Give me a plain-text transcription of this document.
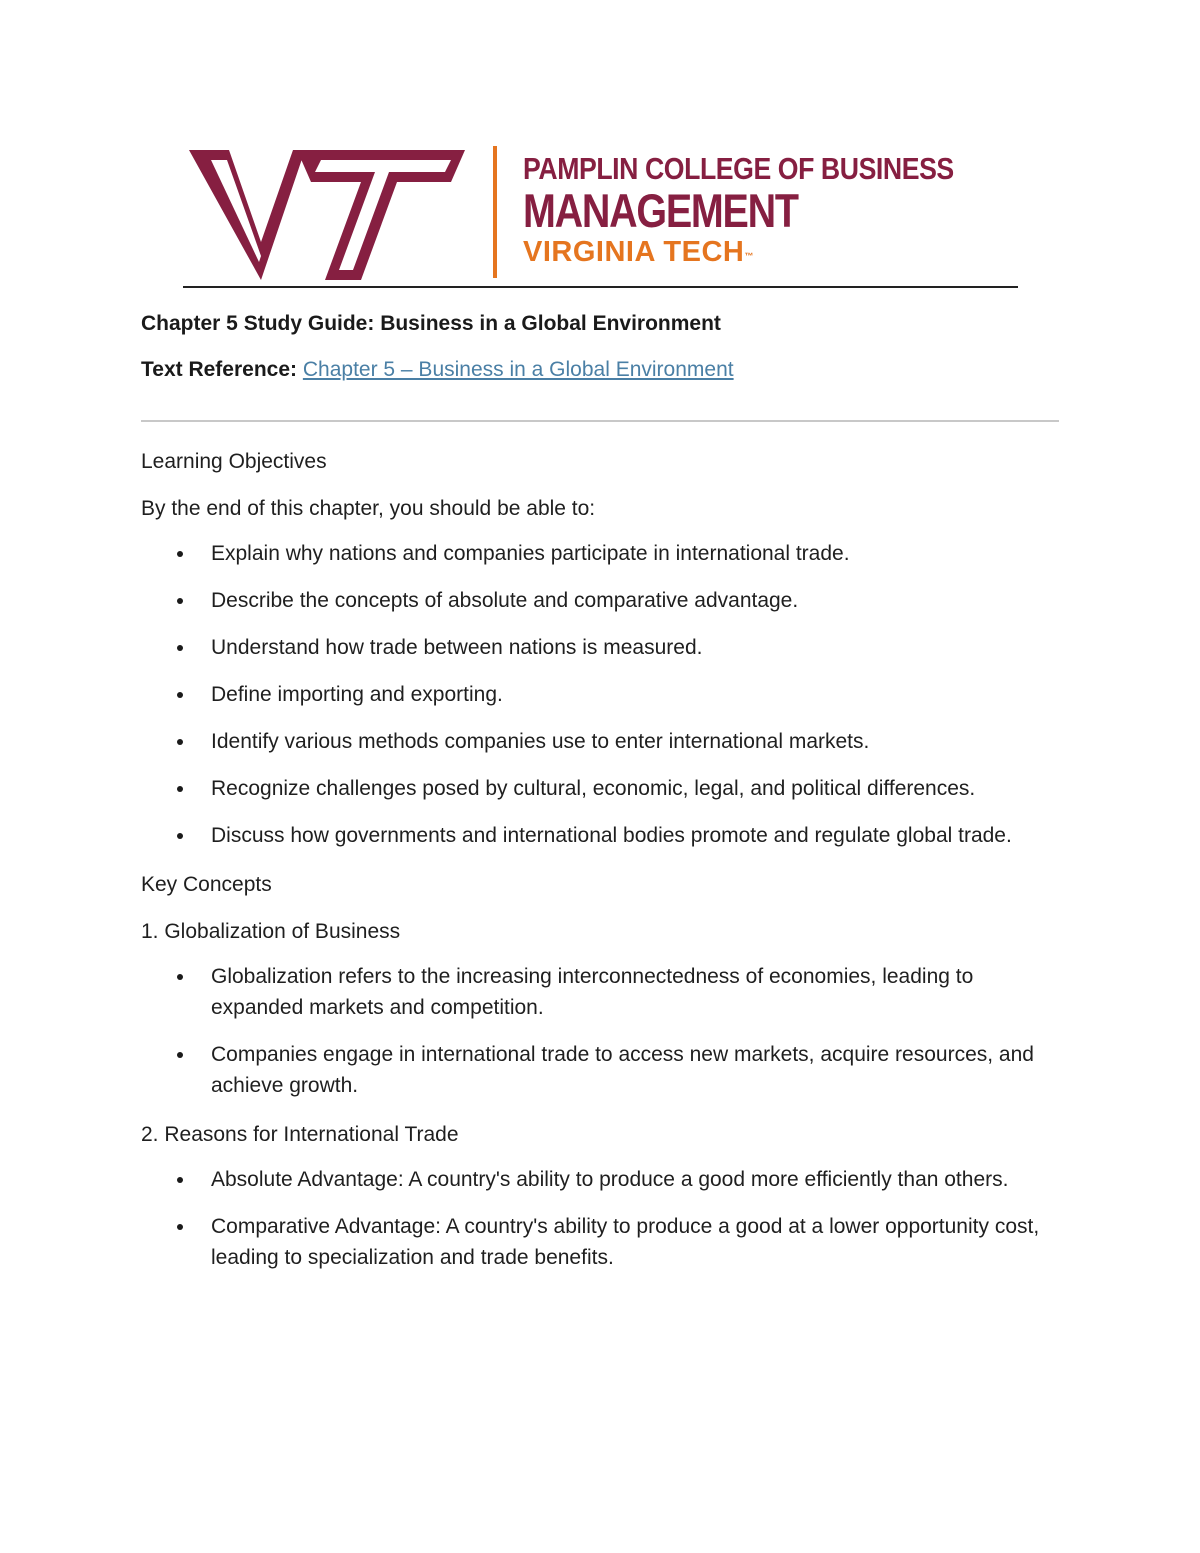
PAMPLIN COLLEGE OF BUSINESS
MANAGEMENT
VIRGINIA TECH™

Chapter 5 Study Guide: Business in a Global Environment

Text Reference: Chapter 5 – Business in a Global Environment

Learning Objectives

By the end of this chapter, you should be able to:

Explain why nations and companies participate in international trade.
Describe the concepts of absolute and comparative advantage.
Understand how trade between nations is measured.
Define importing and exporting.
Identify various methods companies use to enter international markets.
Recognize challenges posed by cultural, economic, legal, and political differences.
Discuss how governments and international bodies promote and regulate global trade.

Key Concepts

1. Globalization of Business

Globalization refers to the increasing interconnectedness of economies, leading to expanded markets and competition.
Companies engage in international trade to access new markets, acquire resources, and achieve growth.

2. Reasons for International Trade

Absolute Advantage: A country's ability to produce a good more efficiently than others.
Comparative Advantage: A country's ability to produce a good at a lower opportunity cost, leading to specialization and trade benefits.
